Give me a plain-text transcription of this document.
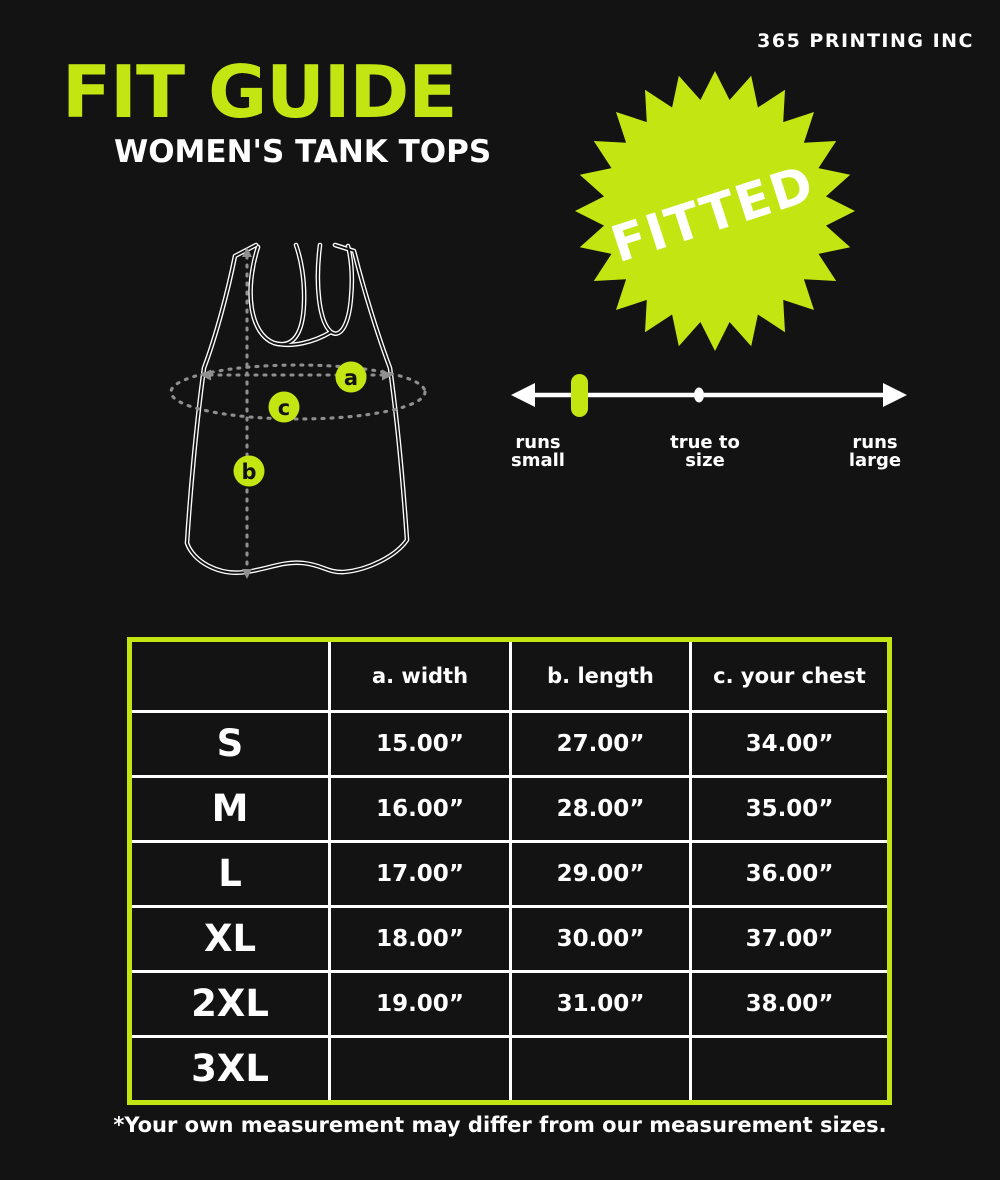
365 PRINTING INC
FIT GUIDE
WOMEN'S TANK TOPS
a
c
b
FITTED
runs
small
true to
size
runs
large
	a. width	b. length	c. your chest
S	15.00”	27.00”	34.00”
M	16.00”	28.00”	35.00”
L	17.00”	29.00”	36.00”
XL	18.00”	30.00”	37.00”
2XL	19.00”	31.00”	38.00”
3XL			
*Your own measurement may differ from our measurement sizes.
